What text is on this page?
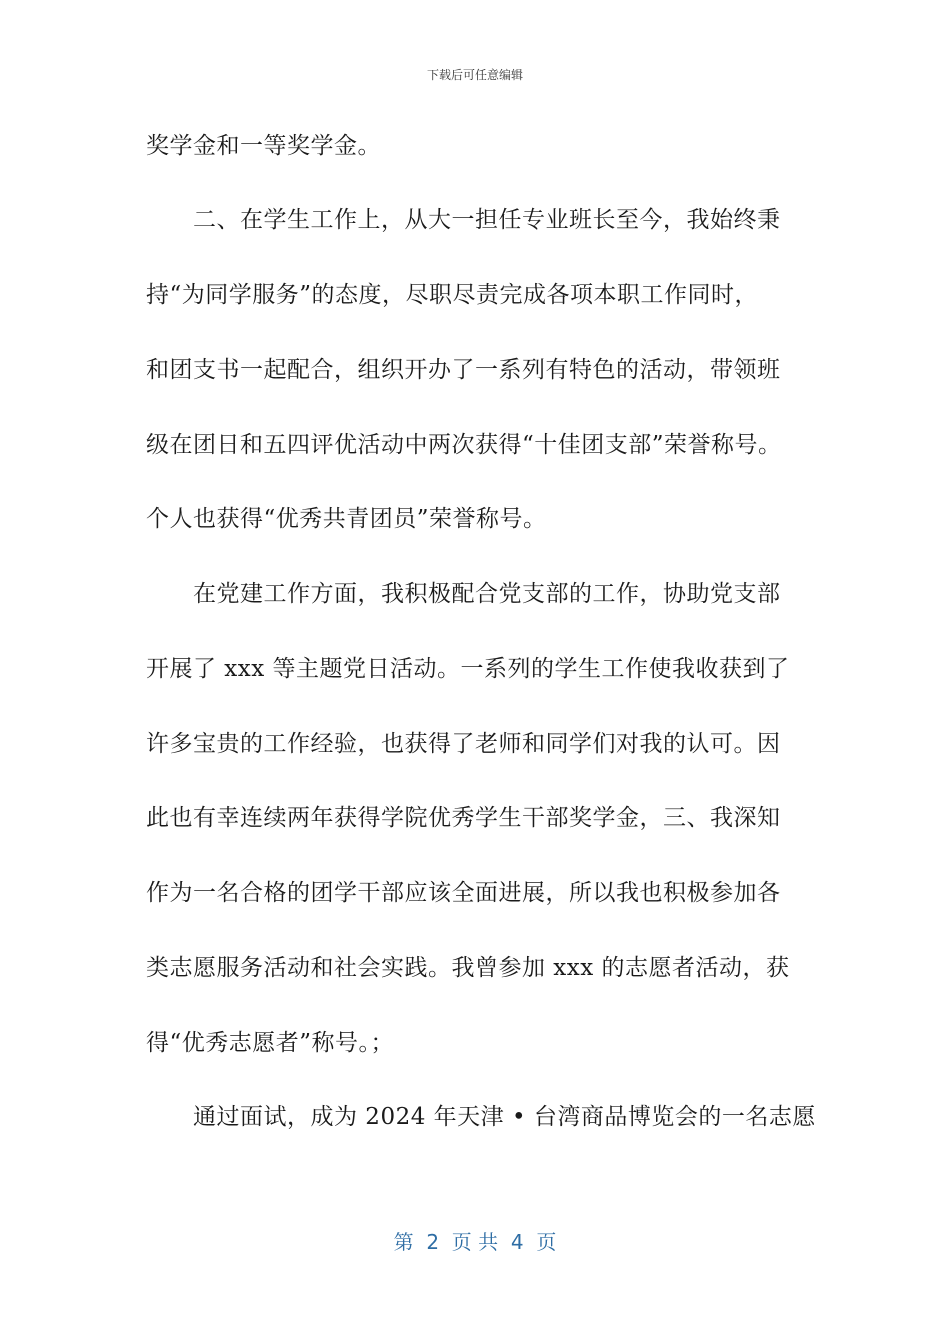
下载后可任意编辑
奖学金和一等奖学金。
二、在学生工作上，从大一担任专业班长至今，我始终秉
持“为同学服务”的态度，尽职尽责完成各项本职工作同时，
和团支书一起配合，组织开办了一系列有特色的活动，带领班
级在团日和五四评优活动中两次获得“十佳团支部”荣誉称号。
个人也获得“优秀共青团员”荣誉称号。
在党建工作方面，我积极配合党支部的工作，协助党支部
开展了 xxx 等主题党日活动。一系列的学生工作使我收获到了
许多宝贵的工作经验，也获得了老师和同学们对我的认可。因
此也有幸连续两年获得学院优秀学生干部奖学金，三、我深知
作为一名合格的团学干部应该全面进展，所以我也积极参加各
类志愿服务活动和社会实践。我曾参加 xxx 的志愿者活动，获
得“优秀志愿者”称号。；
通过面试，成为 2024 年天津 • 台湾商品博览会的一名志愿
第  2  页 共  4  页
